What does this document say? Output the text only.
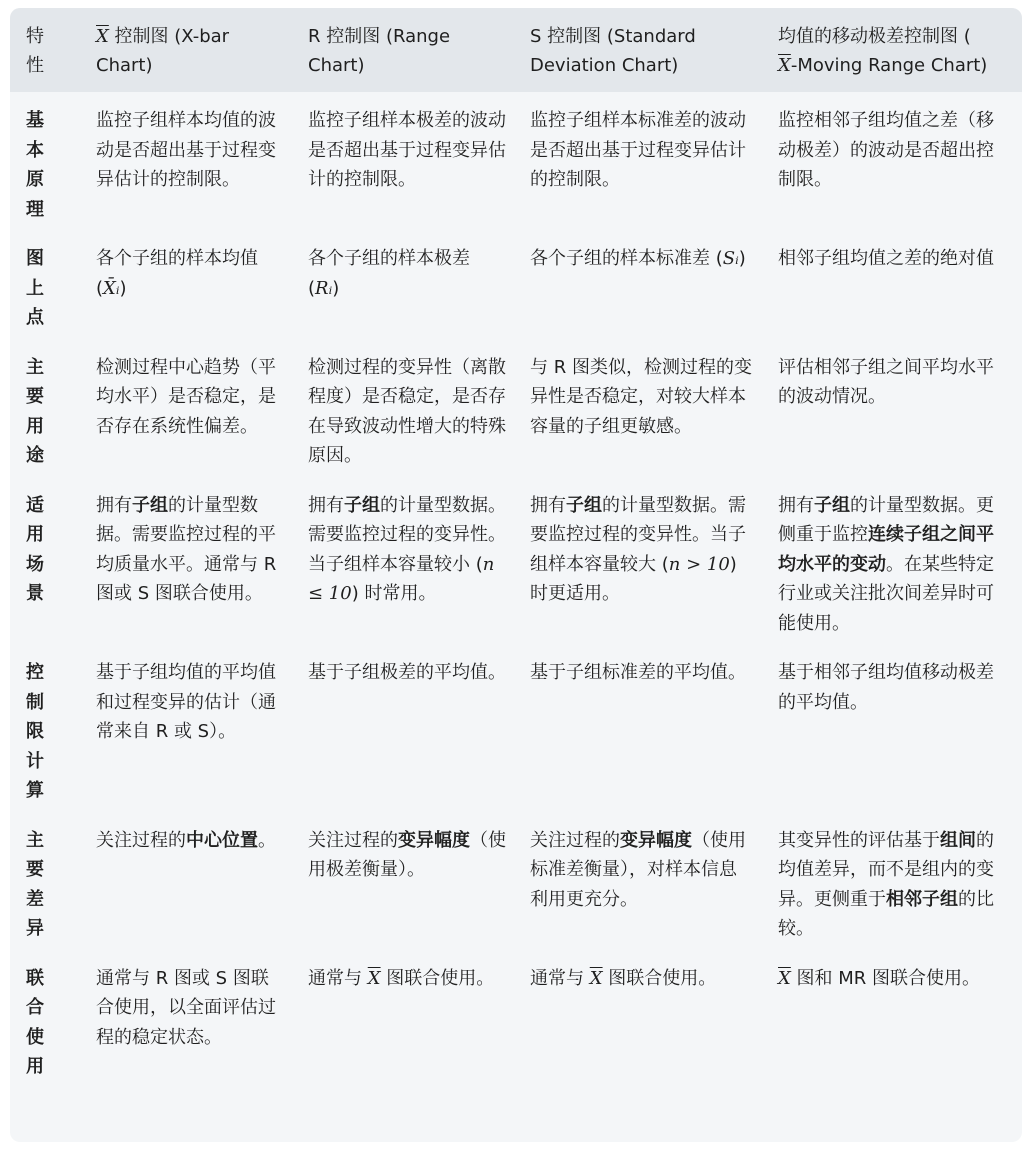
特性	$\overline{X}$ 控制图 (X-bar Chart)	R 控制图 (Range Chart)	S 控制图 (Standard Deviation Chart)	均值的移动极差控制图 (
$\overline{X}$-Moving Range Chart)

基本原理	监控子组样本均值的波动是否超出基于过程变异估计的控制限。	监控子组样本极差的波动是否超出基于过程变异估计的控制限。	监控子组样本标准差的波动是否超出基于过程变异估计的控制限。	监控相邻子组均值之差（移动极差）的波动是否超出控制限。

图上点	各个子组的样本均值 (X̄ᵢ)	各个子组的样本极差 (Rᵢ)	各个子组的样本标准差 (Sᵢ)	相邻子组均值之差的绝对值

主要用途	检测过程中心趋势（平均水平）是否稳定，是否存在系统性偏差。	检测过程的变异性（离散程度）是否稳定，是否存在导致波动性增大的特殊原因。	与 R 图类似，检测过程的变异性是否稳定，对较大样本容量的子组更敏感。	评估相邻子组之间平均水平的波动情况。

适用场景	拥有子组的计量型数据。需要监控过程的平均质量水平。通常与 R 图或 S 图联合使用。	拥有子组的计量型数据。需要监控过程的变异性。当子组样本容量较小 (n ≤ 10) 时常用。	拥有子组的计量型数据。需要监控过程的变异性。当子组样本容量较大 (n > 10) 时更适用。	拥有子组的计量型数据。更侧重于监控连续子组之间平均水平的变动。在某些特定行业或关注批次间差异时可能使用。

控制限计算	基于子组均值的平均值和过程变异的估计（通常来自 R 或 S）。	基于子组极差的平均值。	基于子组标准差的平均值。	基于相邻子组均值移动极差的平均值。

主要差异	关注过程的中心位置。	关注过程的变异幅度（使用极差衡量）。	关注过程的变异幅度（使用标准差衡量），对样本信息利用更充分。	其变异性的评估基于组间的均值差异，而不是组内的变异。更侧重于相邻子组的比较。

联合使用	通常与 R 图或 S 图联合使用，以全面评估过程的稳定状态。	通常与 $\overline{X}$ 图联合使用。	通常与 $\overline{X}$ 图联合使用。	$\overline{X}$ 图和 MR 图联合使用。
